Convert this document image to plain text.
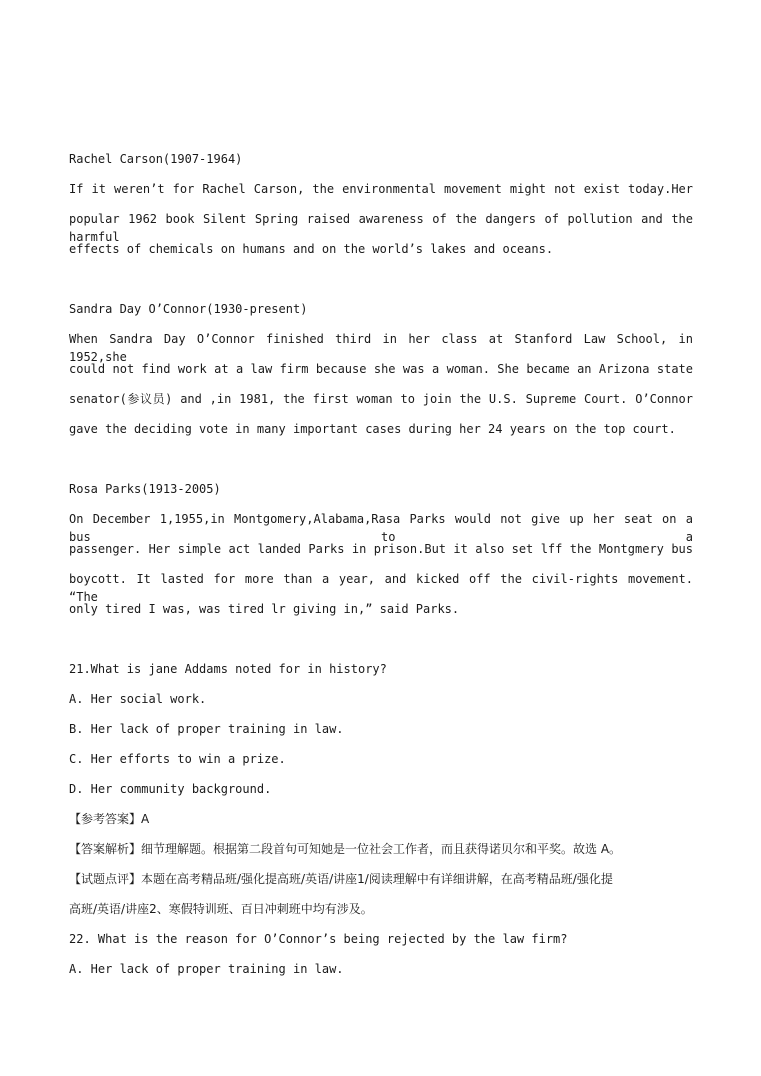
Rachel Carson(1907-1964)
If it weren’t for Rachel Carson, the environmental movement might not exist today.Her
popular 1962 book Silent Spring raised awareness of the dangers of pollution and the harmful
effects of chemicals on humans and on the world’s lakes and oceans.
Sandra Day O’Connor(1930-present)
When Sandra Day O’Connor finished third in her class at Stanford Law School, in 1952,she
could not find work at a law firm because she was a woman. She became an Arizona state
senator(参议员) and ,in 1981, the first woman to join the U.S. Supreme Court. O’Connor
gave the deciding vote in many important cases during her 24 years on the top court.
Rosa Parks(1913-2005)
On December 1,1955,in Montgomery,Alabama,Rasa Parks would not give up her seat on a bus to a
passenger. Her simple act landed Parks in prison.But it also set lff the Montgmery bus
boycott. It lasted for more than a year, and kicked off the civil-rights movement. “The
only tired I was, was tired lr giving in,” said Parks.
21.What is jane Addams noted for in history?
A. Her social work.
B. Her lack of proper training in law.
C. Her efforts to win a prize.
D. Her community background.
【参考答案】A
【答案解析】细节理解题。根据第二段首句可知她是一位社会工作者，而且获得诺贝尔和平奖。故选 A。
【试题点评】本题在高考精品班/强化提高班/英语/讲座1/阅读理解中有详细讲解，在高考精品班/强化提
高班/英语/讲座2、寒假特训班、百日冲刺班中均有涉及。
22. What is the reason for O’Connor’s being rejected by the law firm?
A. Her lack of proper training in law.
